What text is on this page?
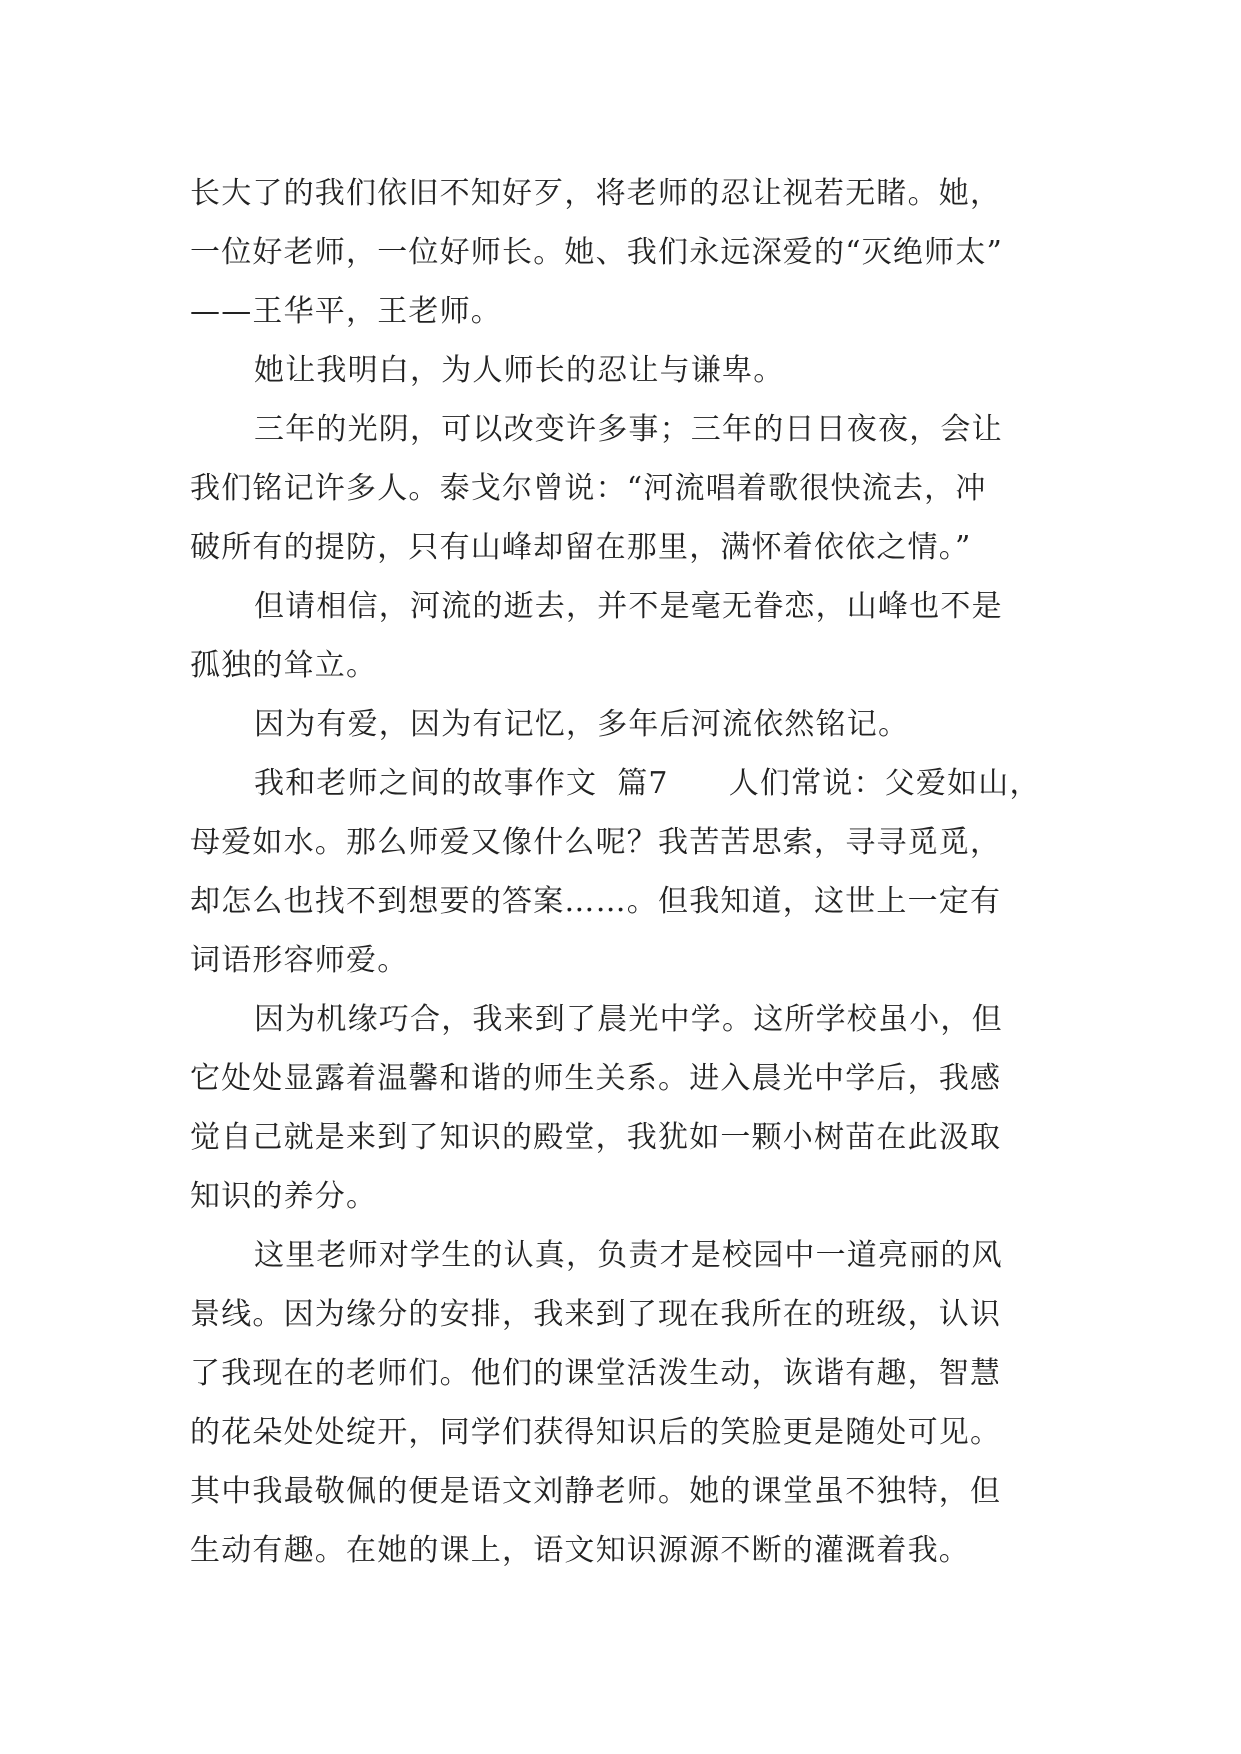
长大了的我们依旧不知好歹，将老师的忍让视若无睹。她，
一位好老师，一位好师长。她、我们永远深爱的“灭绝师太”
——王华平，王老师。

她让我明白，为人师长的忍让与谦卑。

三年的光阴，可以改变许多事；三年的日日夜夜，会让

我们铭记许多人。泰戈尔曾说：“河流唱着歌很快流去，冲
破所有的提防，只有山峰却留在那里，满怀着依依之情。”

但请相信，河流的逝去，并不是毫无眷恋，山峰也不是

孤独的耸立。

因为有爱，因为有记忆，多年后河流依然铭记。

我和老师之间的故事作文 篇7 人们常说：父爱如山，

母爱如水。那么师爱又像什么呢？我苦苦思索，寻寻觅觅，
却怎么也找不到想要的答案……。但我知道，这世上一定有
词语形容师爱。

因为机缘巧合，我来到了晨光中学。这所学校虽小，但

它处处显露着温馨和谐的师生关系。进入晨光中学后，我感
觉自己就是来到了知识的殿堂，我犹如一颗小树苗在此汲取
知识的养分。

这里老师对学生的认真，负责才是校园中一道亮丽的风

景线。因为缘分的安排，我来到了现在我所在的班级，认识
了我现在的老师们。他们的课堂活泼生动，诙谐有趣，智慧
的花朵处处绽开，同学们获得知识后的笑脸更是随处可见。
其中我最敬佩的便是语文刘静老师。她的课堂虽不独特，但
生动有趣。在她的课上，语文知识源源不断的灌溉着我。
